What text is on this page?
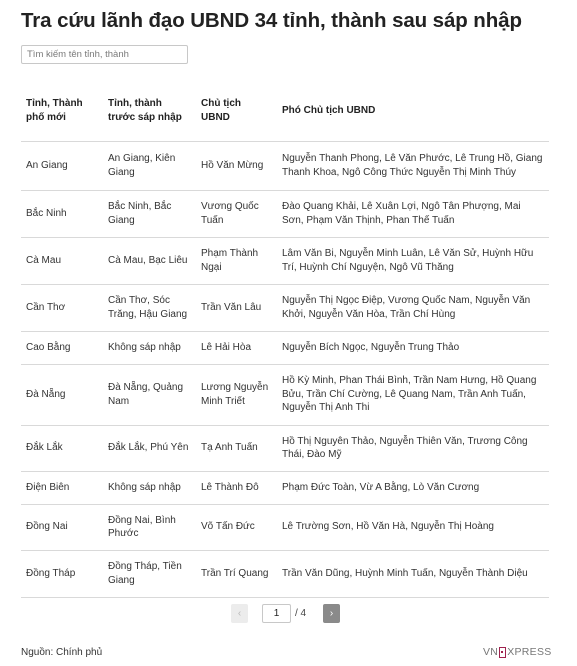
Tra cứu lãnh đạo UBND 34 tỉnh, thành sau sáp nhập
Tìm kiếm tên tỉnh, thành
Tỉnh, Thành phố mới	Tỉnh, thành trước sáp nhập	Chủ tịch UBND	Phó Chủ tịch UBND
An Giang	An Giang, Kiên Giang	Hồ Văn Mừng	Nguyễn Thanh Phong, Lê Văn Phước, Lê Trung Hồ, Giang Thanh Khoa, Ngô Công Thức Nguyễn Thị Minh Thúy
Bắc Ninh	Bắc Ninh, Bắc Giang	Vương Quốc Tuấn	Đào Quang Khải, Lê Xuân Lợi, Ngô Tân Phượng, Mai Sơn, Phạm Văn Thịnh, Phan Thế Tuấn
Cà Mau	Cà Mau, Bạc Liêu	Phạm Thành Ngại	Lâm Văn Bi, Nguyễn Minh Luân, Lê Văn Sử, Huỳnh Hữu Trí, Huỳnh Chí Nguyện, Ngô Vũ Thăng
Cần Thơ	Cần Thơ, Sóc Trăng, Hậu Giang	Trần Văn Lâu	Nguyễn Thị Ngọc Điệp, Vương Quốc Nam, Nguyễn Văn Khởi, Nguyễn Văn Hòa, Trần Chí Hùng
Cao Bằng	Không sáp nhập	Lê Hải Hòa	Nguyễn Bích Ngọc, Nguyễn Trung Thảo
Đà Nẵng	Đà Nẵng, Quảng Nam	Lương Nguyễn Minh Triết	Hồ Kỳ Minh, Phan Thái Bình, Trần Nam Hưng, Hồ Quang Bửu, Trần Chí Cường, Lê Quang Nam, Trần Anh Tuấn, Nguyễn Thị Anh Thi
Đắk Lắk	Đắk Lắk, Phú Yên	Tạ Anh Tuấn	Hồ Thị Nguyên Thảo, Nguyễn Thiên Văn, Trương Công Thái, Đào Mỹ
Điện Biên	Không sáp nhập	Lê Thành Đô	Phạm Đức Toàn, Vừ A Bằng, Lò Văn Cương
Đồng Nai	Đồng Nai, Bình Phước	Võ Tấn Đức	Lê Trường Sơn, Hồ Văn Hà, Nguyễn Thị Hoàng
Đồng Tháp	Đồng Tháp, Tiền Giang	Trần Trí Quang	Trần Văn Dũng, Huỳnh Minh Tuấn, Nguyễn Thành Diệu
‹
1	/ 4 ›
Nguồn: Chính phủ	VN XPRESS
